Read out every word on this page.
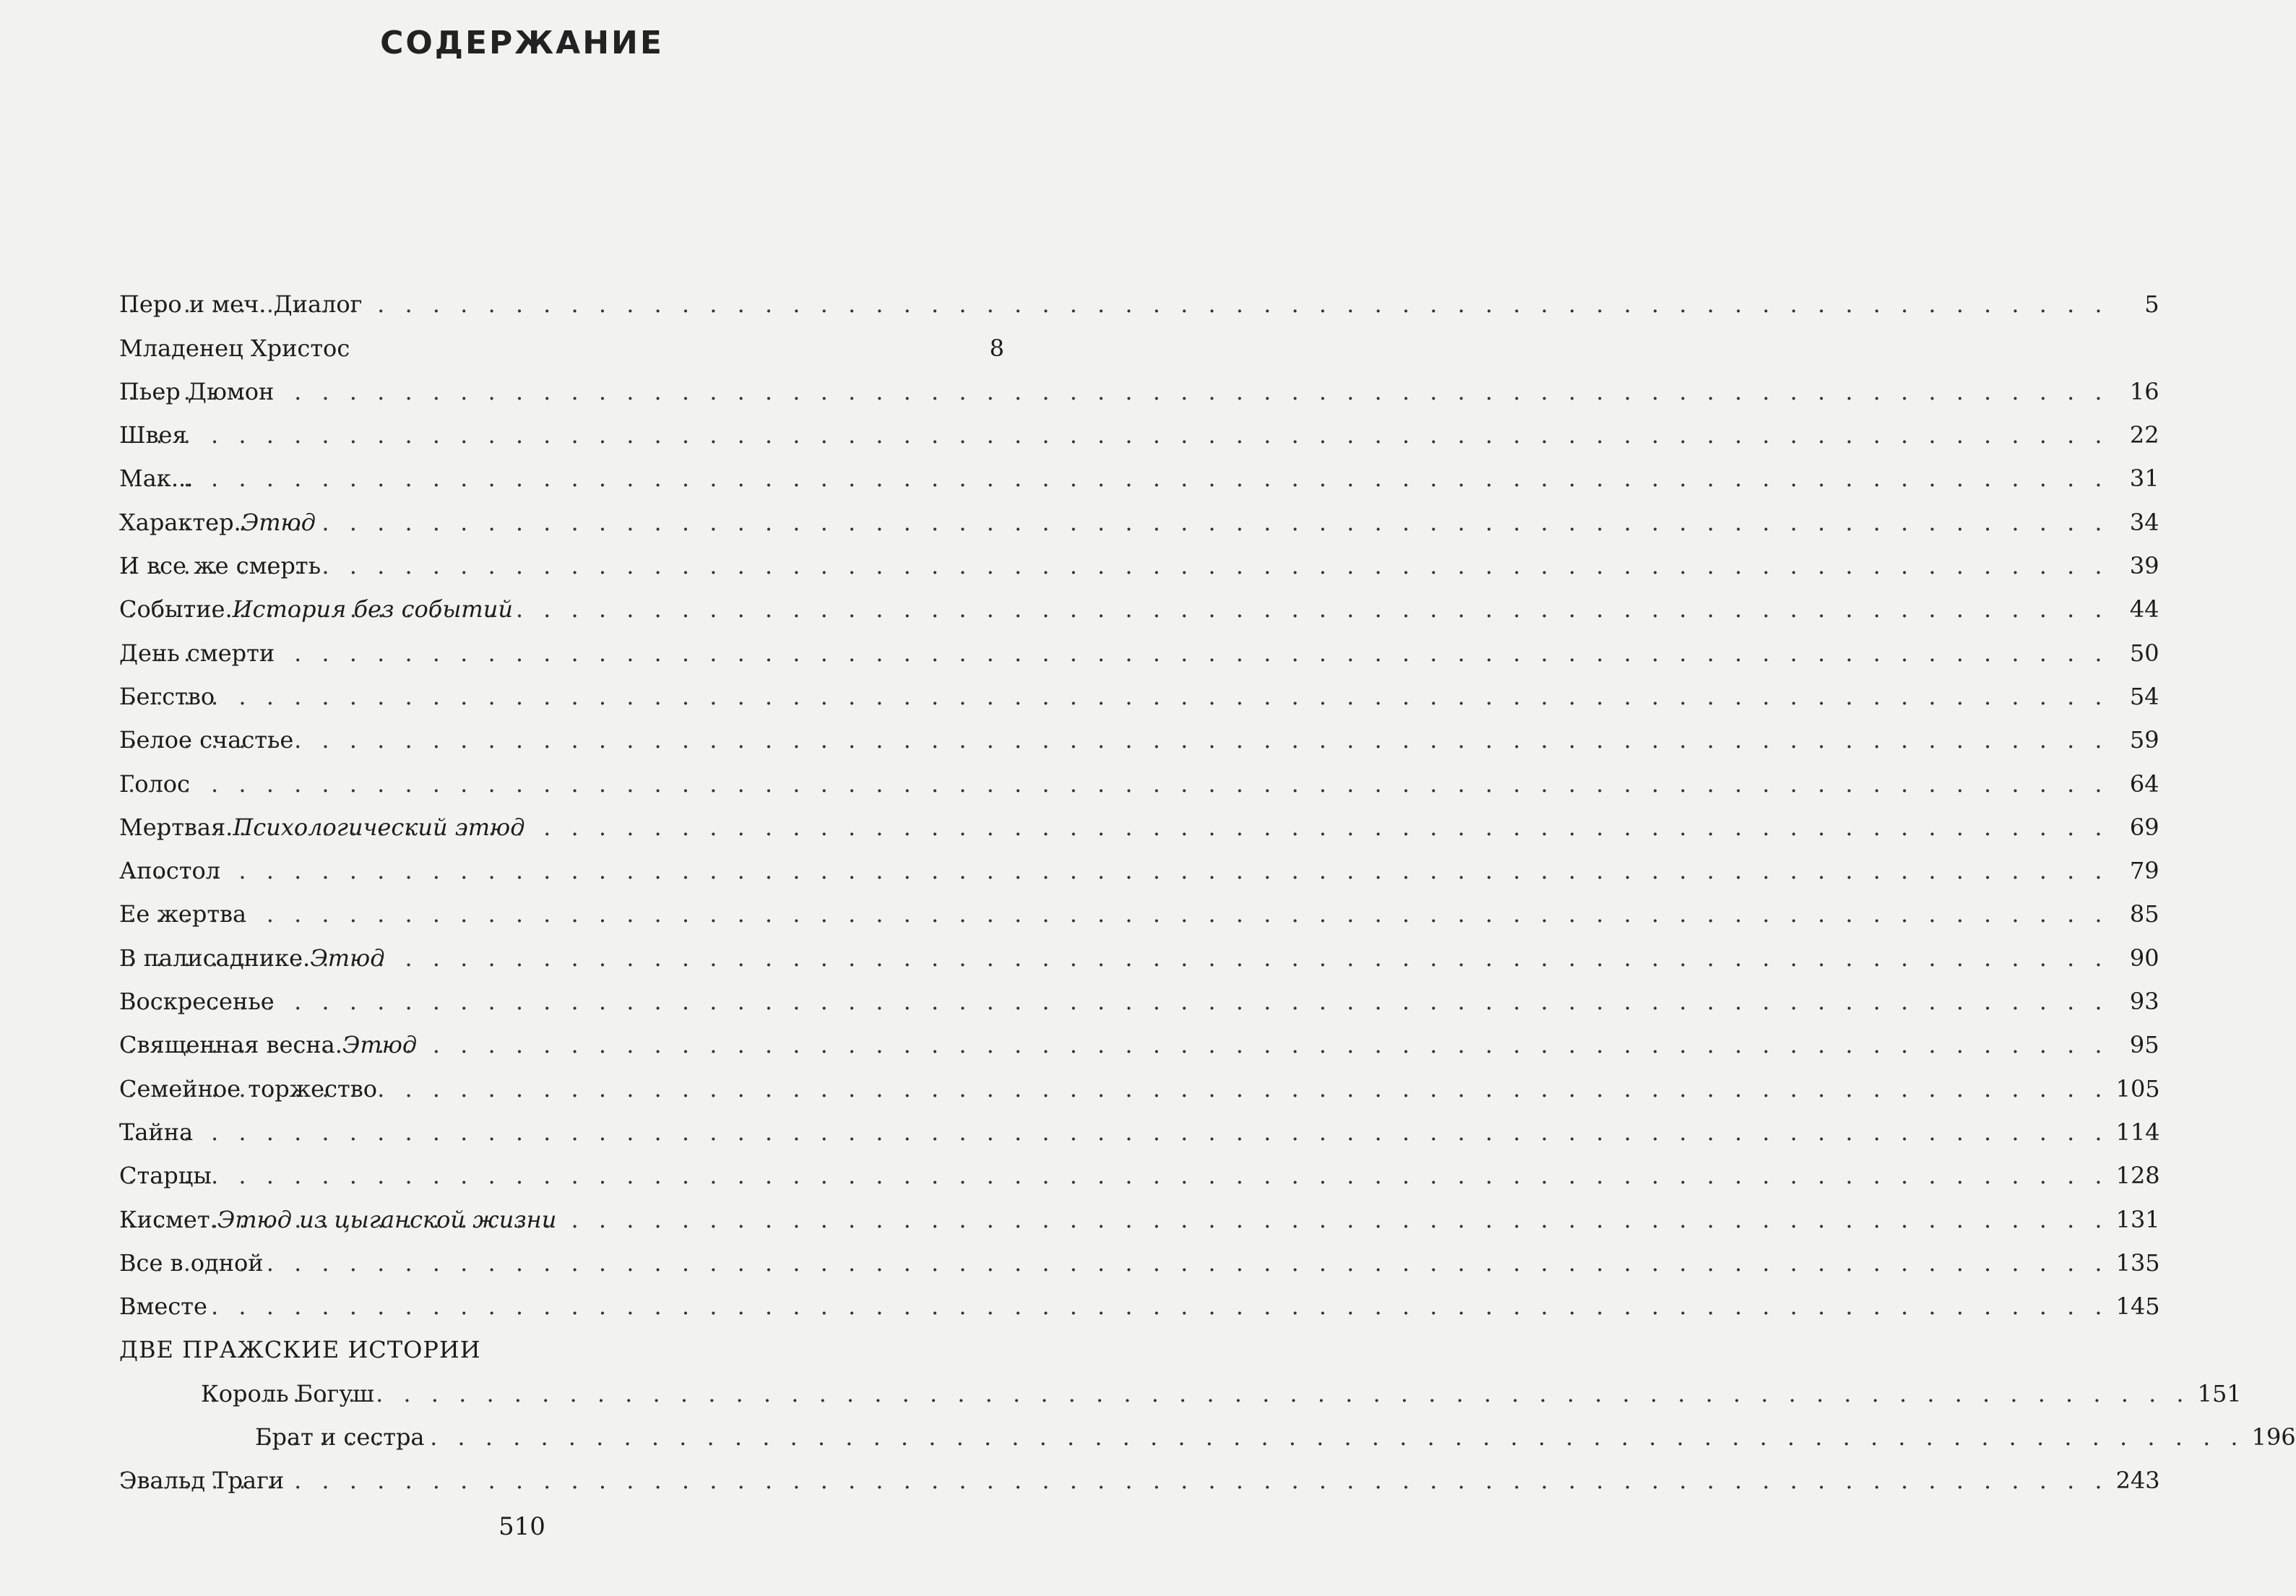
СОДЕРЖАНИЕ
Перо и меч. Диалог . . .	5
Младенец Христос	8
Пьер Дюмон . . .	16
Швея . . .	22
Мак... . . .	31
Характер. Этюд . . .	34
И все же смерть . . .	39
Событие. История без событий . . .	44
День смерти . . .	50
Бегство . . .	54
Белое счастье . . .	59
Голос . . .	64
Мертвая. Психологический этюд . . .	69
Апостол . . .	79
Ее жертва . . .	85
В палисаднике. Этюд . . .	90
Воскресенье . . .	93
Священная весна. Этюд . . .	95
Семейное торжество . . .	105
Тайна . . .	114
Старцы . . .	128
Кисмет. Этюд из цыганской жизни . . .	131
Все в одной . . .	135
Вместе . . .	145
ДВЕ ПРАЖСКИЕ ИСТОРИИ
Король Богуш . . .	151
Брат и сестра . . .	196
Эвальд Траги . . .	243
510
